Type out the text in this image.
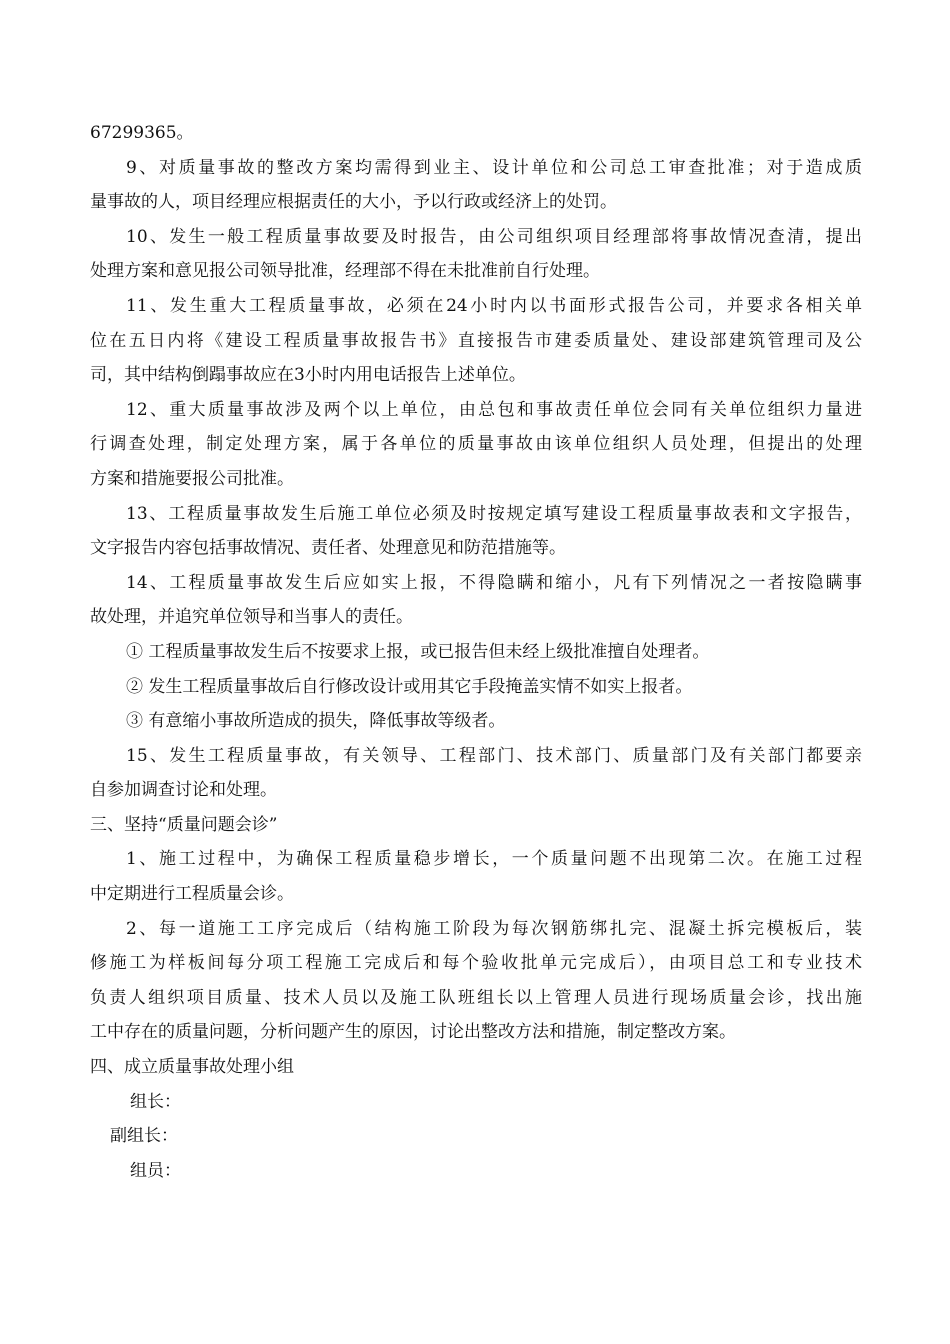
67299365。
9、对质量事故的整改方案均需得到业主、设计单位和公司总工审查批准；对于造成质
量事故的人，项目经理应根据责任的大小，予以行政或经济上的处罚。
10、发生一般工程质量事故要及时报告，由公司组织项目经理部将事故情况查清，提出
处理方案和意见报公司领导批准，经理部不得在未批准前自行处理。
11、发生重大工程质量事故，必须在24小时内以书面形式报告公司，并要求各相关单
位在五日内将《建设工程质量事故报告书》直接报告市建委质量处、建设部建筑管理司及公
司，其中结构倒蹋事故应在3小时内用电话报告上述单位。
12、重大质量事故涉及两个以上单位，由总包和事故责任单位会同有关单位组织力量进
行调查处理，制定处理方案，属于各单位的质量事故由该单位组织人员处理，但提出的处理
方案和措施要报公司批准。
13、工程质量事故发生后施工单位必须及时按规定填写建设工程质量事故表和文字报告，
文字报告内容包括事故情况、责任者、处理意见和防范措施等。
14、工程质量事故发生后应如实上报，不得隐瞒和缩小，凡有下列情况之一者按隐瞒事
故处理，并追究单位领导和当事人的责任。
① 工程质量事故发生后不按要求上报，或已报告但未经上级批准擅自处理者。
② 发生工程质量事故后自行修改设计或用其它手段掩盖实情不如实上报者。
③ 有意缩小事故所造成的损失，降低事故等级者。
15、发生工程质量事故，有关领导、工程部门、技术部门、质量部门及有关部门都要亲
自参加调查讨论和处理。
三、坚持“质量问题会诊”
1、施工过程中，为确保工程质量稳步增长，一个质量问题不出现第二次。在施工过程
中定期进行工程质量会诊。
2、每一道施工工序完成后（结构施工阶段为每次钢筋绑扎完、混凝土拆完模板后，装
修施工为样板间每分项工程施工完成后和每个验收批单元完成后），由项目总工和专业技术
负责人组织项目质量、技术人员以及施工队班组长以上管理人员进行现场质量会诊，找出施
工中存在的质量问题，分析问题产生的原因，讨论出整改方法和措施，制定整改方案。
四、成立质量事故处理小组
组长：
副组长：
组员：
